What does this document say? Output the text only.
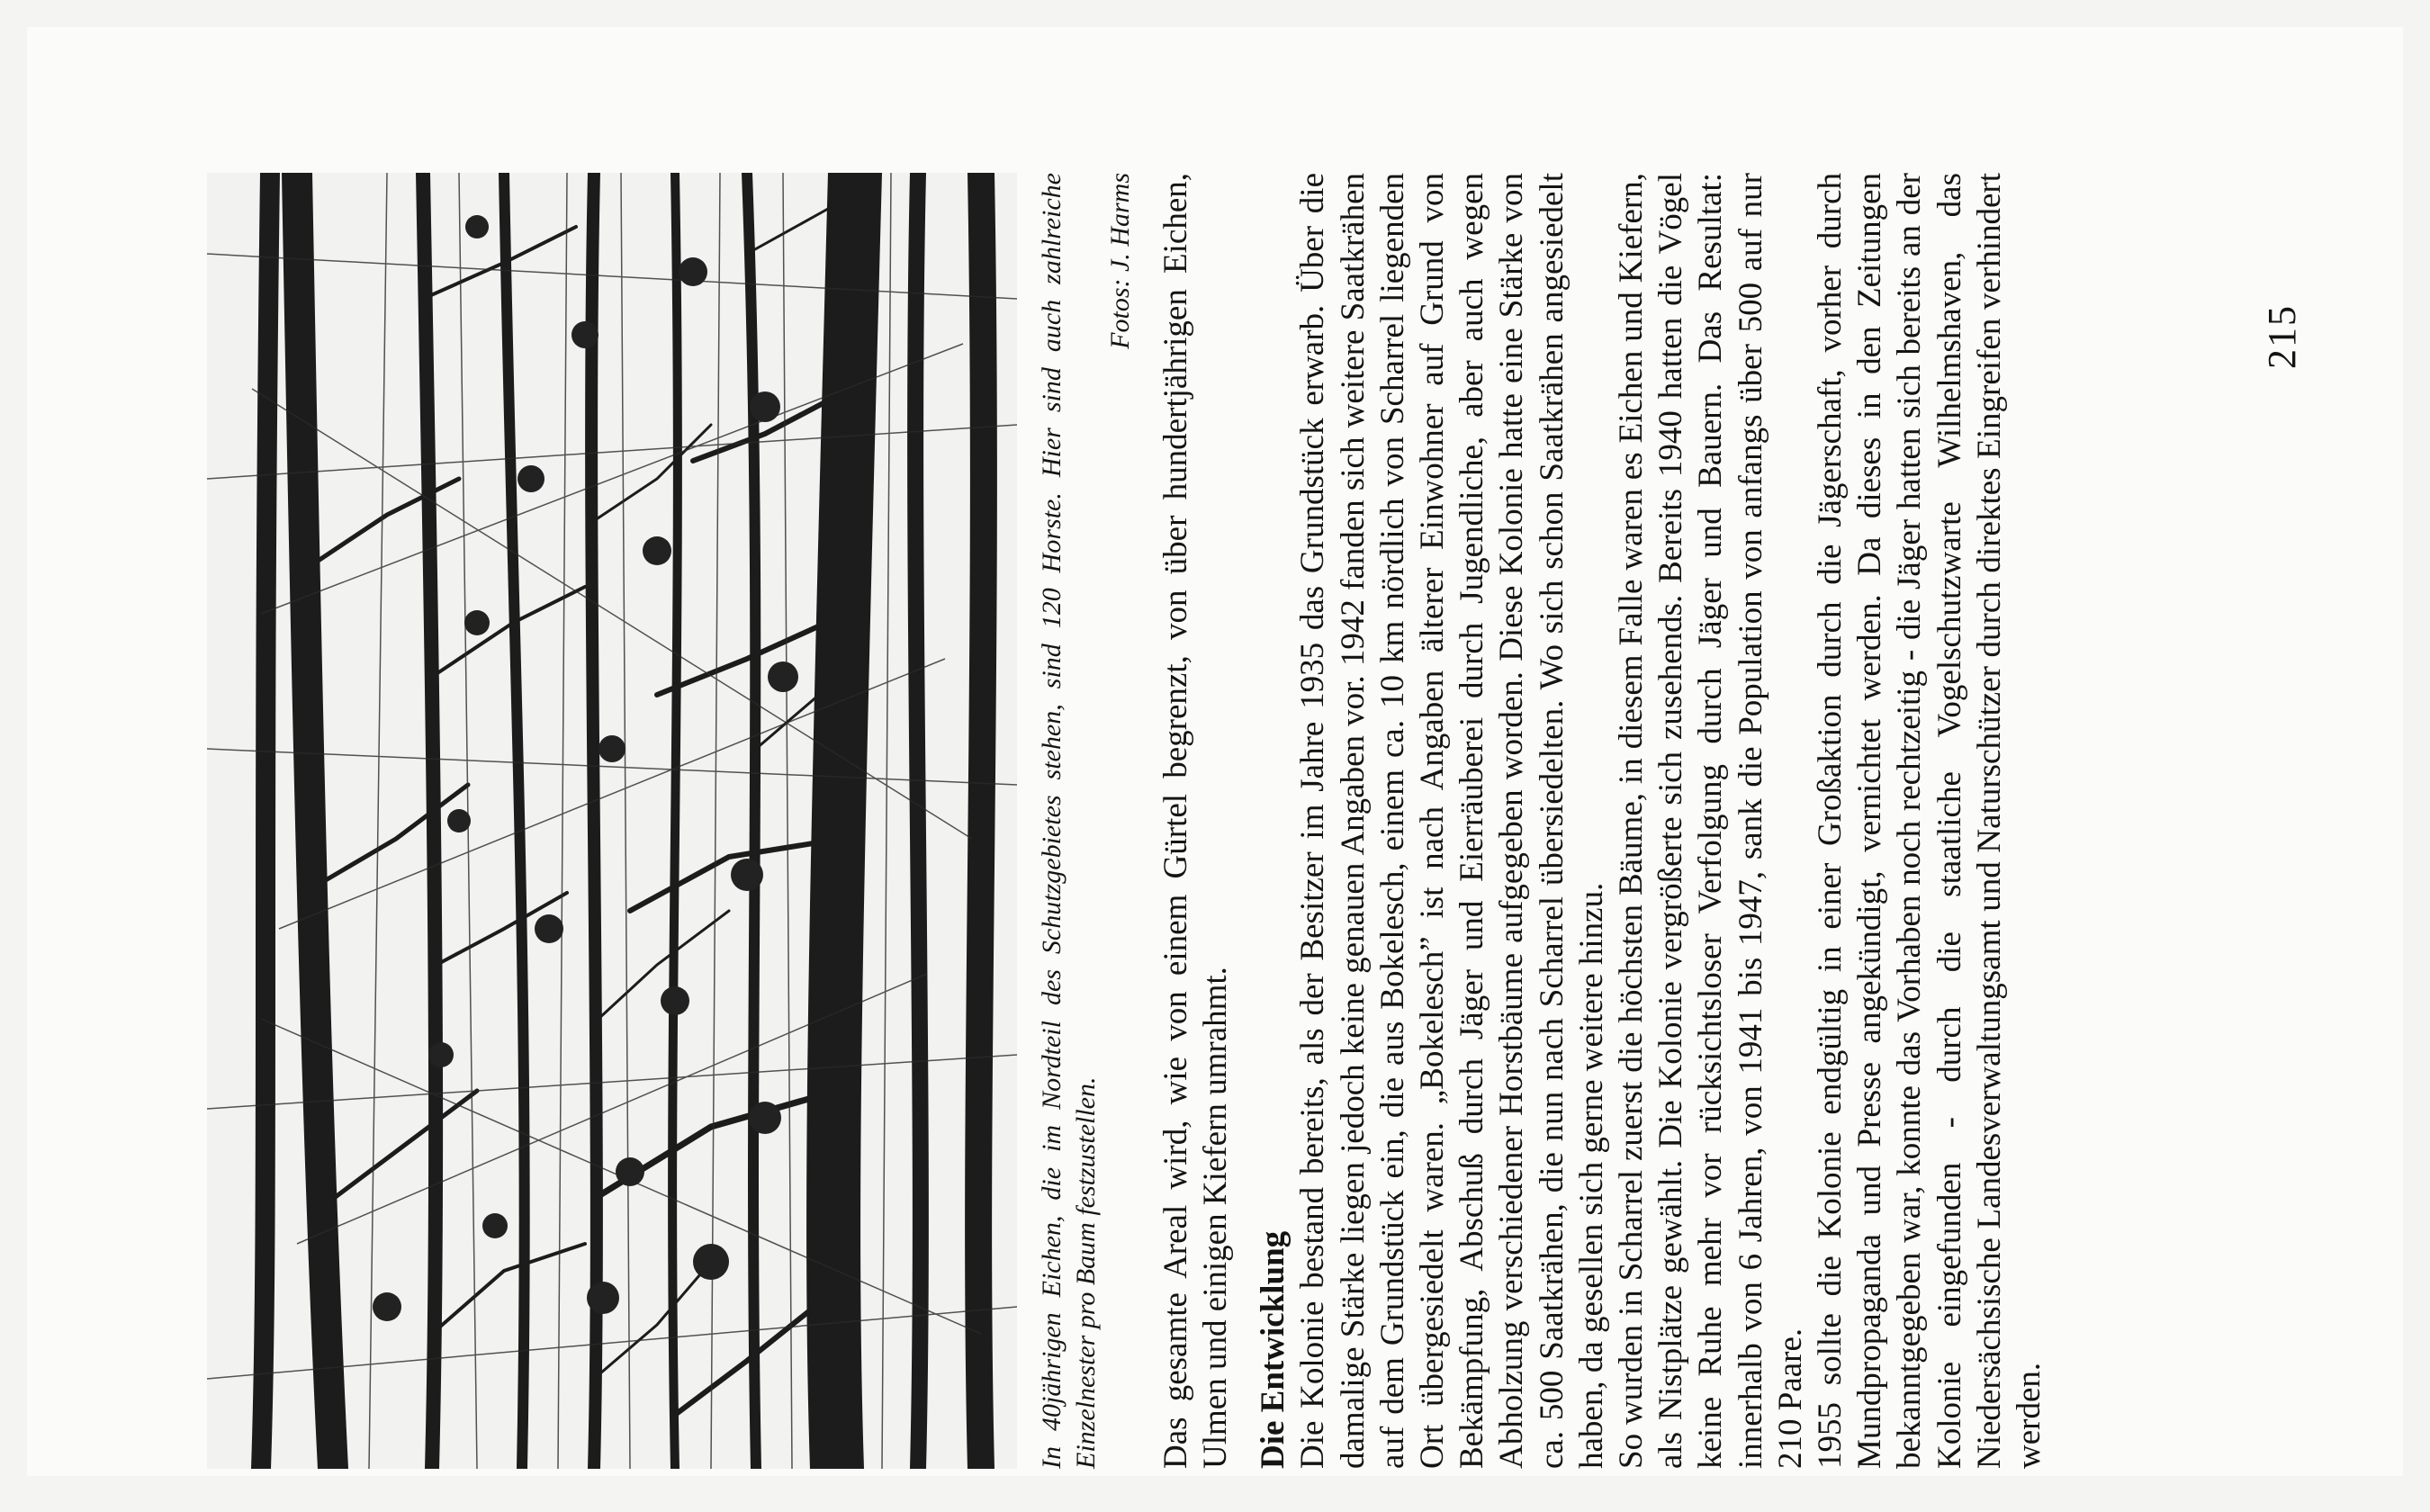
In 40jährigen Eichen, die im Nordteil des Schutzgebietes stehen, sind 120 Horste. Hier sind auch zahlreiche Einzelnester pro Baum festzustellen.
Fotos: J. Harms Das gesamte Areal wird, wie von einem Gürtel begrenzt, von über hundertjährigen Eichen, Ulmen und einigen Kiefern umrahmt. Die Entwicklung Die Kolonie bestand bereits, als der Besitzer im Jahre 1935 das Grundstück erwarb. Über die damalige Stärke liegen jedoch keine genauen Angaben vor. 1942 fanden sich weitere Saatkrähen auf dem Grundstück ein, die aus Bokelesch, einem ca. 10 km nördlich von Scharrel liegenden Ort übergesiedelt waren. „Bokelesch” ist nach Angaben älterer Einwohner auf Grund von Bekämpfung, Abschuß durch Jäger und Eierräuberei durch Jugendliche, aber auch wegen Abholzung verschiedener Horstbäume aufgegeben worden. Diese Kolonie hatte eine Stärke von ca. 500 Saatkrähen, die nun nach Scharrel übersiedelten. Wo sich schon Saatkrähen angesiedelt haben, da gesellen sich gerne weitere hinzu. So wurden in Scharrel zuerst die höchsten Bäume, in diesem Falle waren es Eichen und Kiefern, als Nistplätze gewählt. Die Kolonie vergrößerte sich zusehends. Bereits 1940 hatten die Vögel keine Ruhe mehr vor rücksichtsloser Verfolgung durch Jäger und Bauern. Das Resultat: innerhalb von 6 Jahren, von 1941 bis 1947, sank die Population von anfangs über 500 auf nur 210 Paare. 1955 sollte die Kolonie endgültig in einer Großaktion durch die Jägerschaft, vorher durch Mundpropaganda und Presse angekündigt, vernichtet werden. Da dieses in den Zeitungen bekanntgegeben war, konnte das Vorhaben noch rechtzeitig - die Jäger hatten sich bereits an der Kolonie eingefunden - durch die staatliche Vogelschutzwarte Wilhelmshaven, das Niedersächsische Landesverwaltungsamt und Naturschützer durch direktes Eingreifen verhindert werden.

215
